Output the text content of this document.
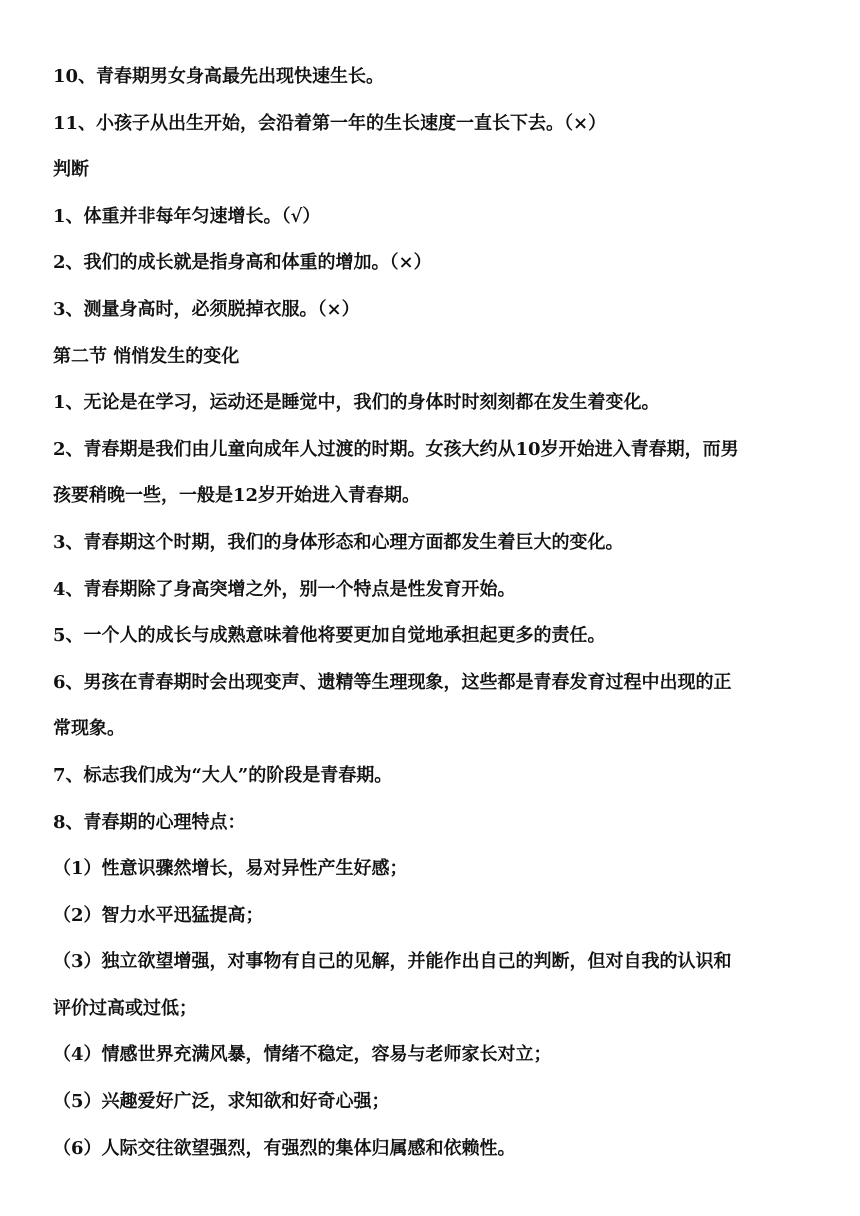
10、青春期男女身高最先出现快速生长。

11、小孩子从出生开始，会沿着第一年的生长速度一直长下去。（×）

判断

1、体重并非每年匀速增长。（√）

2、我们的成长就是指身高和体重的增加。（×）

3、测量身高时，必须脱掉衣服。（×）

第二节 悄悄发生的变化

1、无论是在学习，运动还是睡觉中，我们的身体时时刻刻都在发生着变化。

2、青春期是我们由儿童向成年人过渡的时期。女孩大约从10岁开始进入青春期，而男

孩要稍晚一些，一般是12岁开始进入青春期。

3、青春期这个时期，我们的身体形态和心理方面都发生着巨大的变化。

4、青春期除了身高突增之外，别一个特点是性发育开始。

5、一个人的成长与成熟意味着他将要更加自觉地承担起更多的责任。

6、男孩在青春期时会出现变声、遗精等生理现象，这些都是青春发育过程中出现的正

常现象。

7、标志我们成为“大人”的阶段是青春期。

8、青春期的心理特点：

（1）性意识骤然增长，易对异性产生好感；

（2）智力水平迅猛提高；

（3）独立欲望增强，对事物有自己的见解，并能作出自己的判断，但对自我的认识和

评价过高或过低；

（4）情感世界充满风暴，情绪不稳定，容易与老师家长对立；

（5）兴趣爱好广泛，求知欲和好奇心强；

（6）人际交往欲望强烈，有强烈的集体归属感和依赖性。
